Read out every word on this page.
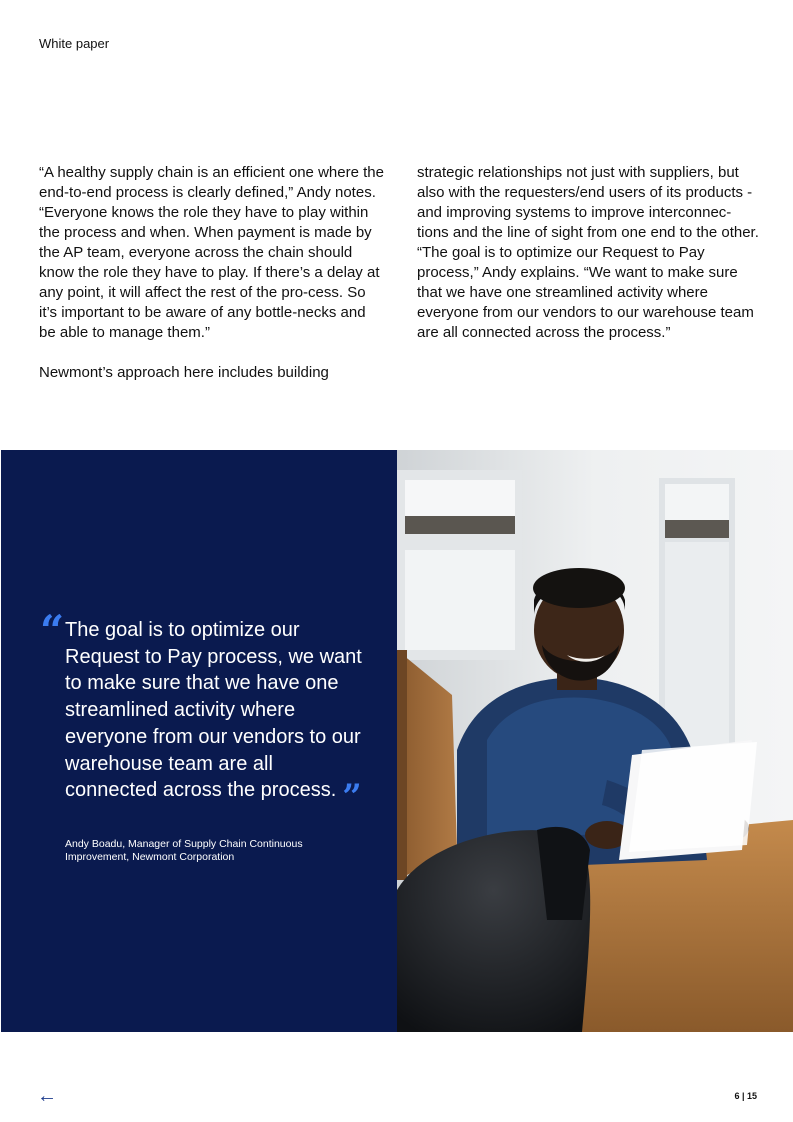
White paper

“A healthy supply chain is an efficient one where the end-to-end process is clearly defined,” Andy notes. “Everyone knows the role they have to play within the process and when. When payment is made by the AP team, everyone across the chain should know the role they have to play. If there’s a delay at any point, it will affect the rest of the pro-cess. So it’s important to be aware of any bottle-necks and be able to manage them.”

Newmont’s approach here includes building

strategic relationships not just with suppliers, but also with the requesters/end users of its products - and improving systems to improve interconnec-tions and the line of sight from one end to the other. “The goal is to optimize our Request to Pay process,” Andy explains. “We want to make sure that we have one streamlined activity where everyone from our vendors to our warehouse team are all connected across the process.”

“ The goal is to optimize our Request to Pay process, we want to make sure that we have one streamlined activity where everyone from our vendors to our warehouse team are all connected across the process. ”
Andy Boadu, Manager of Supply Chain Continuous Improvement, Newmont Corporation
←	6 | 15
